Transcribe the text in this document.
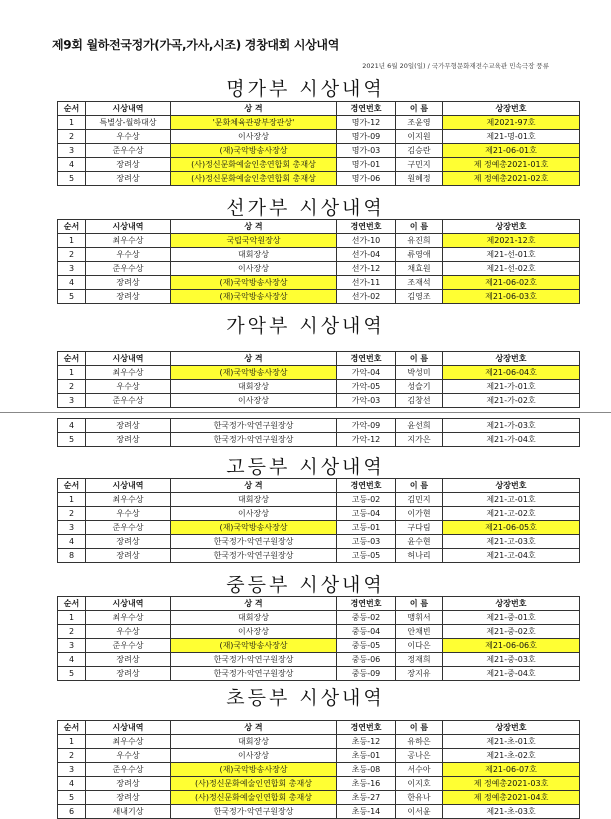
제9회 월하전국정가(가곡,가사,시조) 경창대회 시상내역
2021년 6월 20일(일) / 국가무형문화재전수교육관 민속극장 풍류
명가부 시상내역
선가부 시상내역
가악부 시상내역
고등부 시상내역
중등부 시상내역
초등부 시상내역
순서	시상내역	상 격	경연번호	이 름	상장번호
1	특별상-월하대상	'문화체육관광부장관상'	명가-12	조윤영	제2021-97호
2	우수상	이사장상	명가-09	이지원	제21-명-01호
3	준우수상	(재)국악방송사장상	명가-03	김승란	제21-06-01호
4	장려상	(사)정신문화예술인총연합회 총재상	명가-01	구민지	제 정예총2021-01호
5	장려상	(사)정신문화예술인총연합회 총재상	명가-06	원혜정	제 정예총2021-02호
순서	시상내역	상 격	경연번호	이 름	상장번호
1	최우수상	국립국악원장상	선가-10	유진희	제2021-12호
2	우수상	대회장상	선가-04	류영애	제21-선-01호
3	준우수상	이사장상	선가-12	채효원	제21-선-02호
4	장려상	(재)국악방송사장상	선가-11	조재석	제21-06-02호
5	장려상	(재)국악방송사장상	선가-02	김영조	제21-06-03호
순서	시상내역	상 격	경연번호	이 름	상장번호
1	최우수상	(재)국악방송사장상	가악-04	박성미	제21-06-04호
2	우수상	대회장상	가악-05	성슬기	제21-가-01호
3	준우수상	이사장상	가악-03	김창선	제21-가-02호
4	장려상	한국정가·악연구원장상	가악-09	윤선희	제21-가-03호
5	장려상	한국정가·악연구원장상	가악-12	지가은	제21-가-04호
순서	시상내역	상 격	경연번호	이 름	상장번호
1	최우수상	대회장상	고등-02	김민지	제21-고-01호
2	우수상	이사장상	고등-04	이가현	제21-고-02호
3	준우수상	(재)국악방송사장상	고등-01	구다림	제21-06-05호
4	장려상	한국정가·악연구원장상	고등-03	윤수현	제21-고-03호
8	장려상	한국정가·악연구원장상	고등-05	허나리	제21-고-04호
순서	시상내역	상 격	경연번호	이 름	상장번호
1	최우수상	대회장상	중등-02	맹휘서	제21-중-01호
2	우수상	이사장상	중등-04	안채빈	제21-중-02호
3	준우수상	(재)국악방송사장상	중등-05	이다은	제21-06-06호
4	장려상	한국정가·악연구원장상	중등-06	정재희	제21-중-03호
5	장려상	한국정가·악연구원장상	중등-09	장지유	제21-중-04호
순서	시상내역	상 격	경연번호	이 름	상장번호
1	최우수상	대회장상	초등-12	유하은	제21-초-01호
2	우수상	이사장상	초등-01	공나은	제21-초-02호
3	준우수상	(재)국악방송사장상	초등-08	서수아	제21-06-07호
4	장려상	(사)정신문화예술인연합회 총재상	초등-16	이지호	제 정예총2021-03호
5	장려상	(사)정신문화예술인연합회 총재상	초등-27	한유나	제 정예총2021-04호
6	새내기상	한국정가·악연구원장상	초등-14	이서윤	제21-초-03호
